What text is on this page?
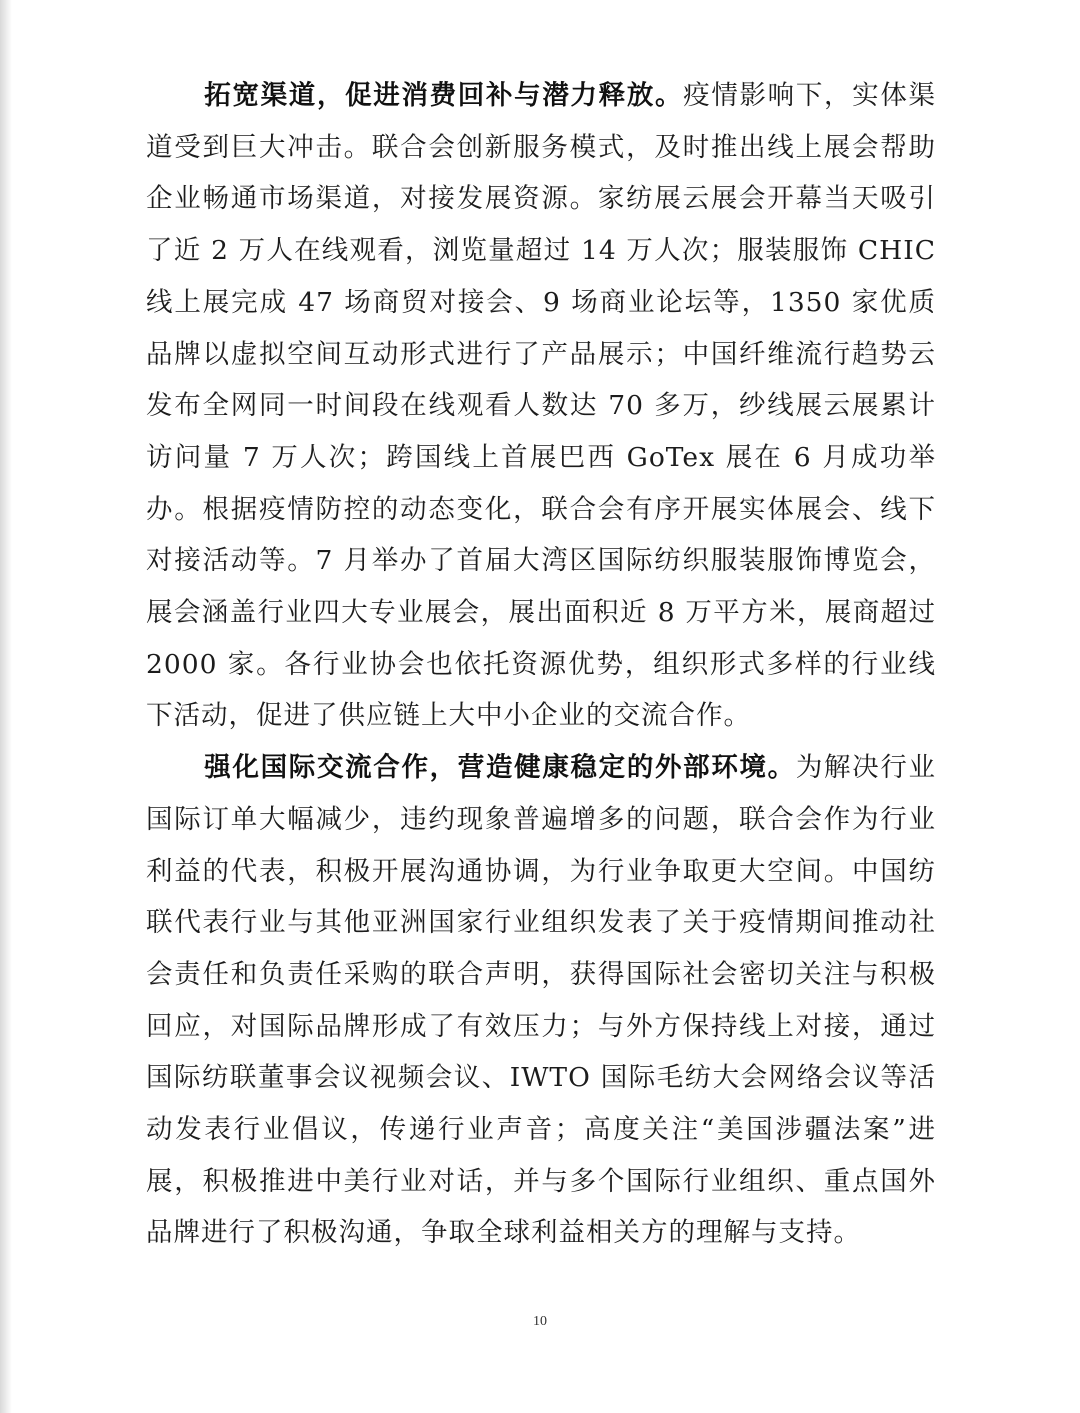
拓宽渠道，促进消费回补与潜力释放。疫情影响下，实体渠道受到巨大冲击。联合会创新服务模式，及时推出线上展会帮助企业畅通市场渠道，对接发展资源。家纺展云展会开幕当天吸引了近 2 万人在线观看，浏览量超过 14 万人次；服装服饰 CHIC 线上展完成 47 场商贸对接会、9 场商业论坛等，1350 家优质品牌以虚拟空间互动形式进行了产品展示；中国纤维流行趋势云发布全网同一时间段在线观看人数达 70 多万，纱线展云展累计访问量 7 万人次；跨国线上首展巴西 GoTex 展在 6 月成功举办。根据疫情防控的动态变化，联合会有序开展实体展会、线下对接活动等。7 月举办了首届大湾区国际纺织服装服饰博览会，展会涵盖行业四大专业展会，展出面积近 8 万平方米，展商超过 2000 家。各行业协会也依托资源优势，组织形式多样的行业线下活动，促进了供应链上大中小企业的交流合作。

强化国际交流合作，营造健康稳定的外部环境。为解决行业国际订单大幅减少，违约现象普遍增多的问题，联合会作为行业利益的代表，积极开展沟通协调，为行业争取更大空间。中国纺联代表行业与其他亚洲国家行业组织发表了关于疫情期间推动社会责任和负责任采购的联合声明，获得国际社会密切关注与积极回应，对国际品牌形成了有效压力；与外方保持线上对接，通过国际纺联董事会议视频会议、IWTO 国际毛纺大会网络会议等活动发表行业倡议，传递行业声音；高度关注“美国涉疆法案”进展，积极推进中美行业对话，并与多个国际行业组织、重点国外品牌进行了积极沟通，争取全球利益相关方的理解与支持。

10
